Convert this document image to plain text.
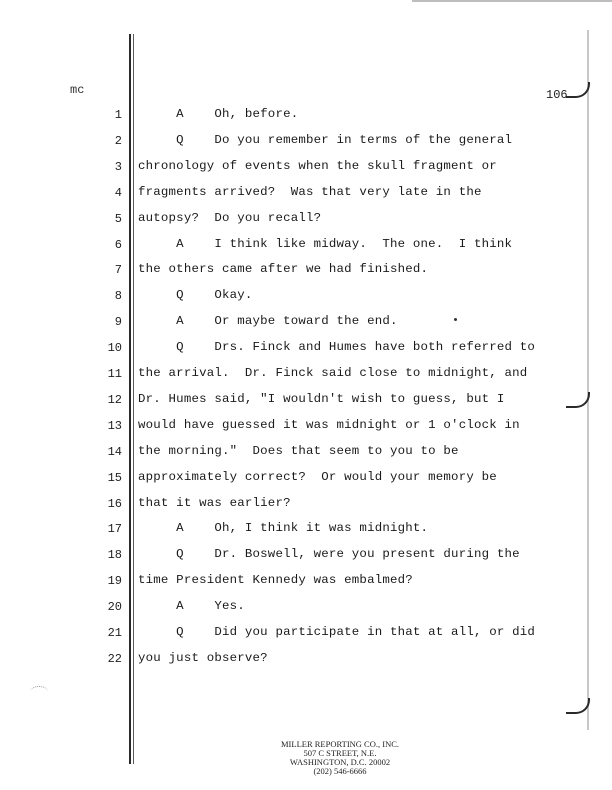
mc	106
1 A    Oh, before.
2 Q    Do you remember in terms of the general
3 chronology of events when the skull fragment or
4 fragments arrived?  Was that very late in the
5 autopsy?  Do you recall?
6 A    I think like midway.  The one.  I think
7 the others came after we had finished.
8 Q    Okay.
9 A    Or maybe toward the end.
10 Q    Drs. Finck and Humes have both referred to
11 the arrival.  Dr. Finck said close to midnight, and
12 Dr. Humes said, "I wouldn't wish to guess, but I
13 would have guessed it was midnight or 1 o'clock in
14 the morning."  Does that seem to you to be
15 approximately correct?  Or would your memory be
16 that it was earlier?
17 A    Oh, I think it was midnight.
18 Q    Dr. Boswell, were you present during the
19 time President Kennedy was embalmed?
20 A    Yes.
21 Q    Did you participate in that at all, or did
22 you just observe?
MILLER REPORTING CO., INC.
507 C STREET, N.E.
WASHINGTON, D.C. 20002
(202) 546-6666
